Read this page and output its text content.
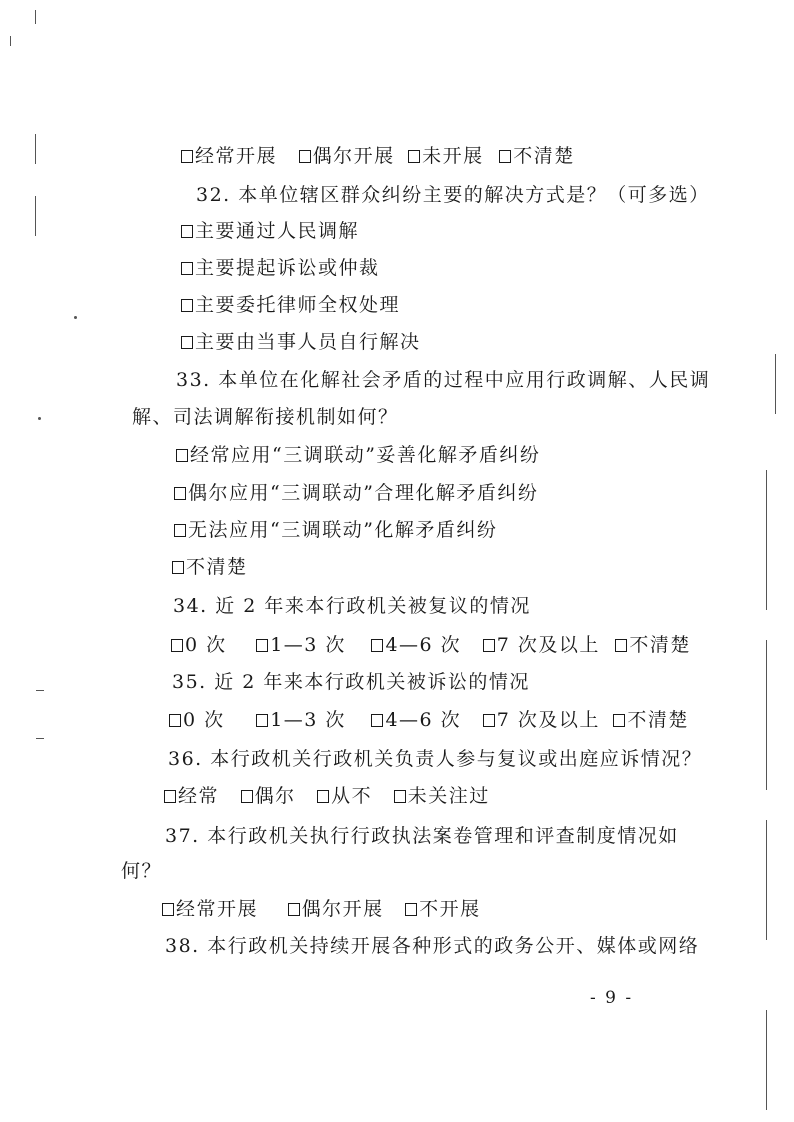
经常开展 偶尔开展 未开展 不清楚
32. 本单位辖区群众纠纷主要的解决方式是？（可多选）
主要通过人民调解
主要提起诉讼或仲裁
主要委托律师全权处理
主要由当事人员自行解决
33. 本单位在化解社会矛盾的过程中应用行政调解、人民调
解、司法调解衔接机制如何？
经常应用“三调联动”妥善化解矛盾纠纷
偶尔应用“三调联动”合理化解矛盾纠纷
无法应用“三调联动”化解矛盾纠纷
不清楚
34. 近 2 年来本行政机关被复议的情况
0 次 1—3 次 4—6 次 7 次及以上 不清楚
35. 近 2 年来本行政机关被诉讼的情况
0 次 1—3 次 4—6 次 7 次及以上 不清楚
36. 本行政机关行政机关负责人参与复议或出庭应诉情况？
经常 偶尔 从不 未关注过
37. 本行政机关执行行政执法案卷管理和评查制度情况如
何？
经常开展 偶尔开展 不开展
38. 本行政机关持续开展各种形式的政务公开、媒体或网络
- 9 -
